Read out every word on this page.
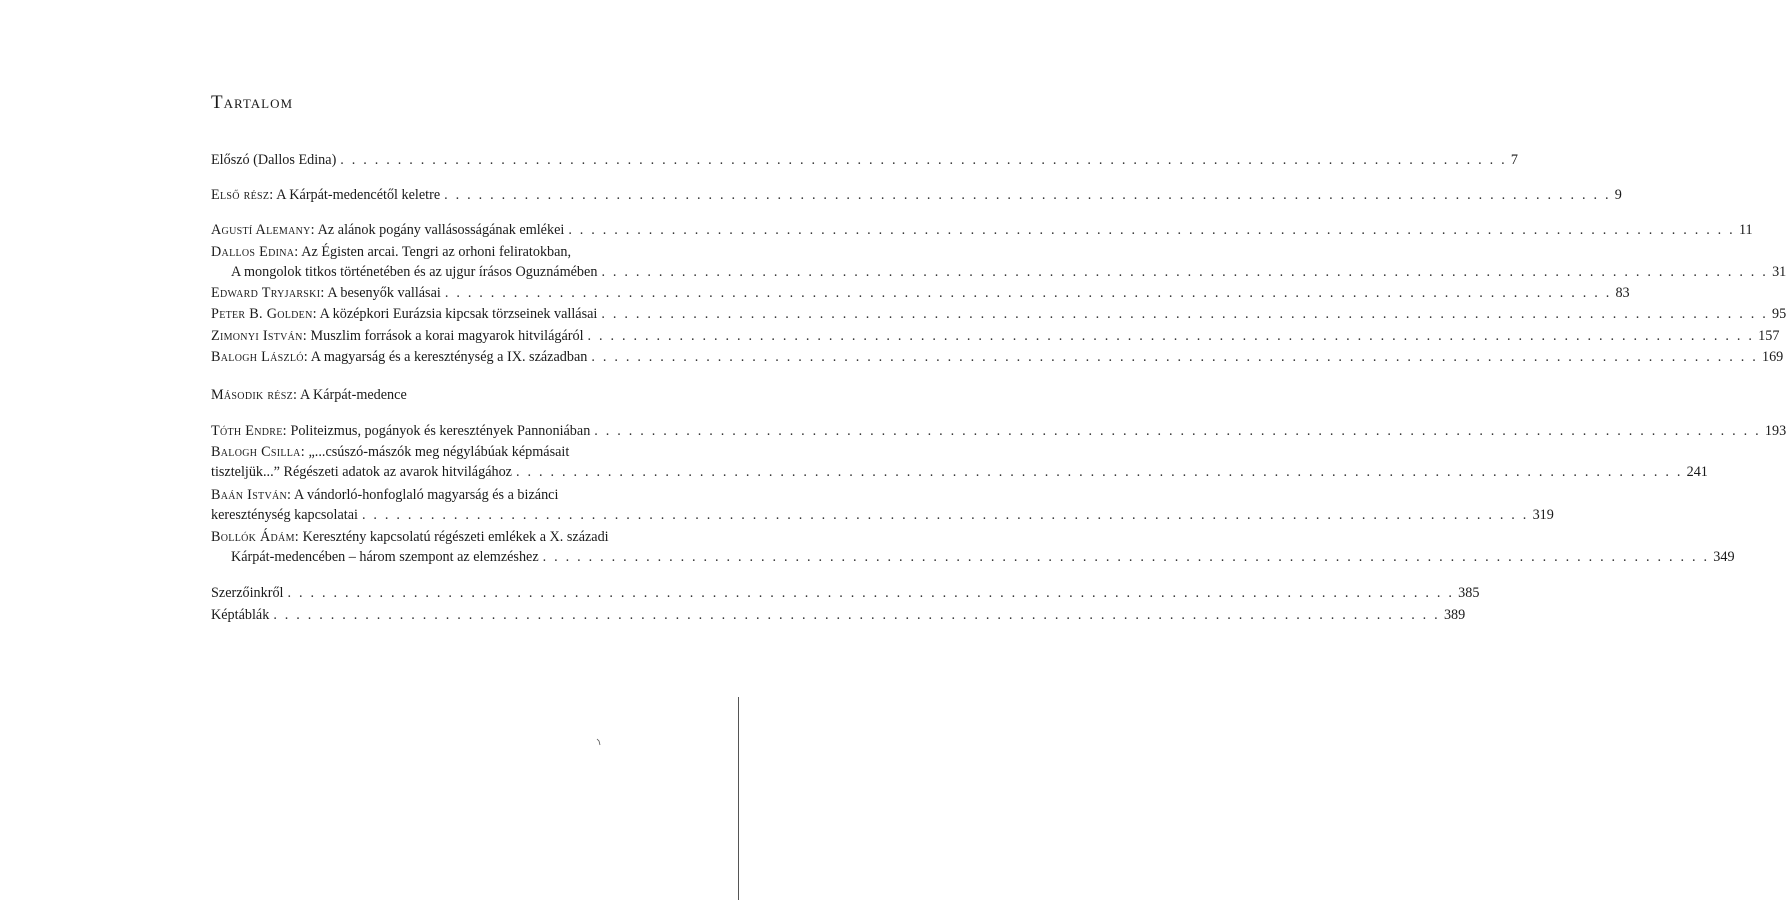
Tartalom
Előszó (Dallos Edina) . . .	7
Első rész: A Kárpát-medencétől keletre . . .	9
Agustí Alemany: Az alánok pogány vallásosságának emlékei . . .	11
Dallos Edina: Az Égisten arcai. Tengri az orhoni feliratokban,
A mongolok titkos történetében és az ujgur írásos Oguznámében . . .	31
Edward Tryjarski: A besenyők vallásai . . .	83
Peter B. Golden: A középkori Eurázsia kipcsak törzseinek vallásai . . .	95
Zimonyi István: Muszlim források a korai magyarok hitvilágáról . . .	157
Balogh László: A magyarság és a kereszténység a IX. században . . .	169
Második rész: A Kárpát-medence
Tóth Endre: Politeizmus, pogányok és keresztények Pannoniában . . .	193
Balogh Csilla: „...csúszó-mászók meg négylábúak képmásait
tiszteljük...” Régészeti adatok az avarok hitvilágához . . .	241
Baán István: A vándorló-honfoglaló magyarság és a bizánci
kereszténység kapcsolatai . . .	319
Bollók Ádám: Keresztény kapcsolatú régészeti emlékek a X. századi
Kárpát-medencében – három szempont az elemzéshez . . .	349
Szerzőinkről . . .	385
Képtáblák . . .	389
